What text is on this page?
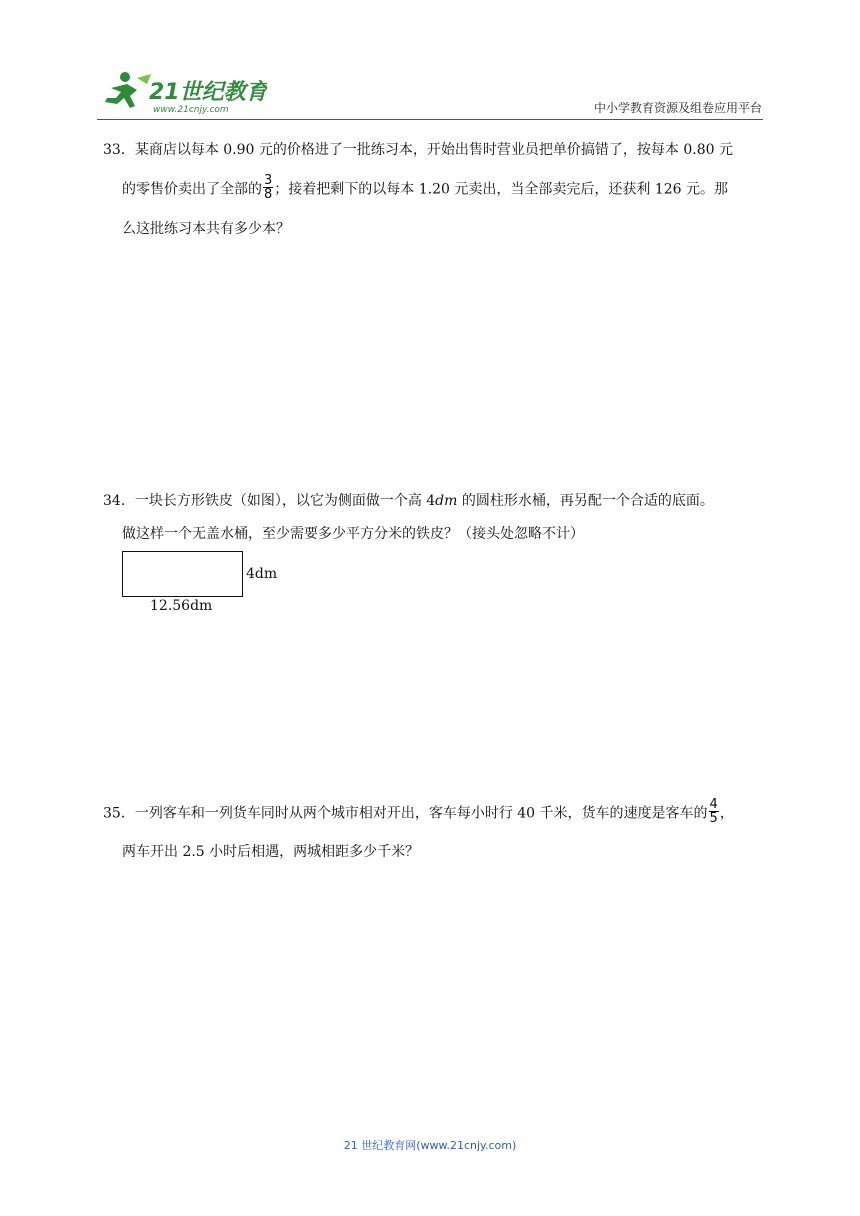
21世纪教育
www.21cnjy.com	中小学教育资源及组卷应用平台
33．某商店以每本 0.90 元的价格进了一批练习本，开始出售时营业员把单价搞错了，按每本 0.80 元
的零售价卖出了全部的 $\frac{3}{8}$ ；接着把剩下的以每本 1.20 元卖出，当全部卖完后，还获利 126 元。那
么这批练习本共有多少本？
34．一块长方形铁皮（如图），以它为侧面做一个高 4dm 的圆柱形水桶，再另配一个合适的底面。
做这样一个无盖水桶，至少需要多少平方分米的铁皮？（接头处忽略不计）
4dm
12.56dm
35．一列客车和一列货车同时从两个城市相对开出，客车每小时行 40 千米，货车的速度是客车的 $\frac{4}{5}$ ，
两车开出 2.5 小时后相遇，两城相距多少千米？
21 世纪教育网(www.21cnjy.com)
